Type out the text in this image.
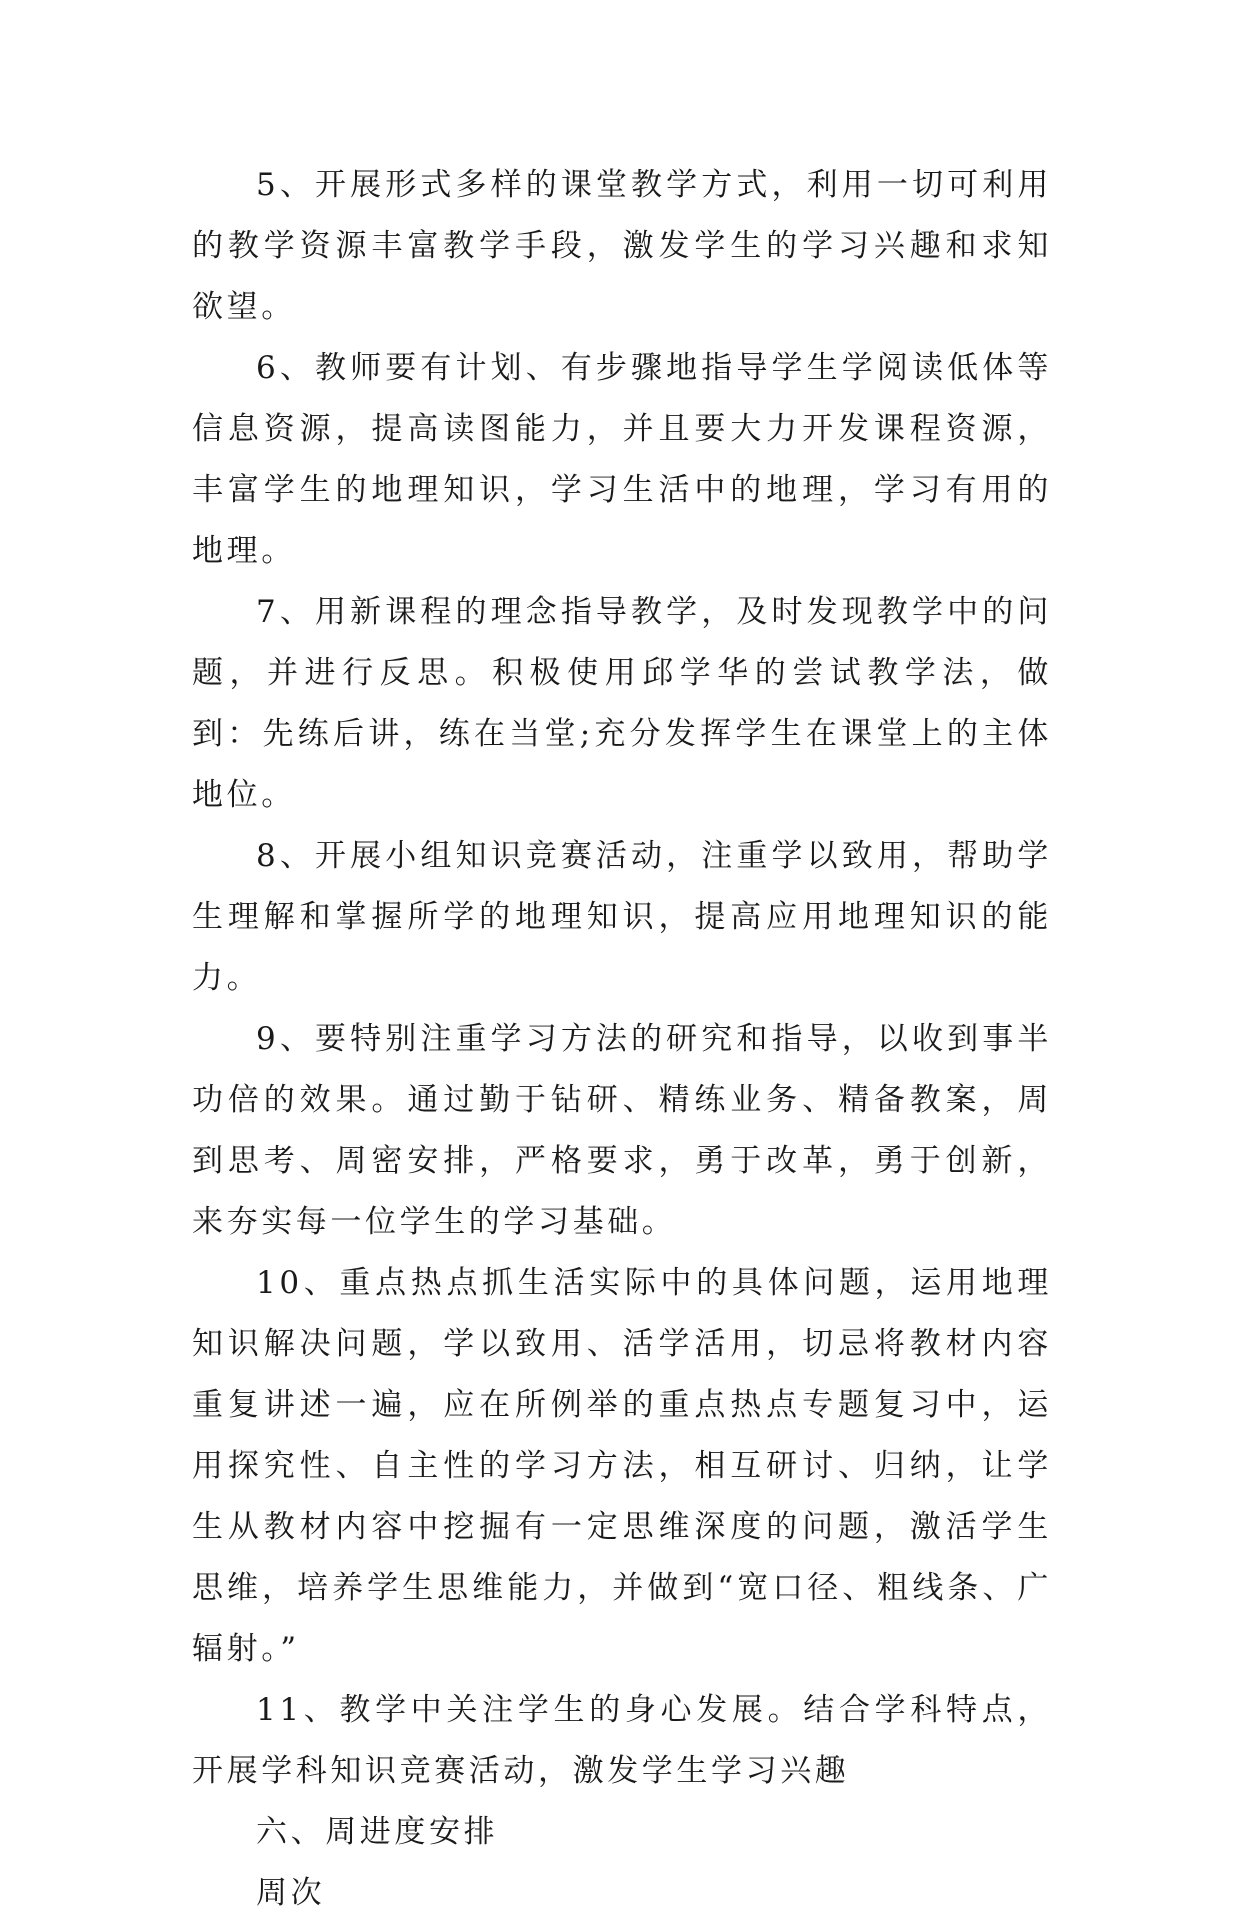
5、开展形式多样的课堂教学方式，利用一切可利用的教学资源丰富教学手段，激发学生的学习兴趣和求知欲望。

6、教师要有计划、有步骤地指导学生学阅读低体等信息资源，提高读图能力，并且要大力开发课程资源，丰富学生的地理知识，学习生活中的地理，学习有用的地理。

7、用新课程的理念指导教学，及时发现教学中的问题，并进行反思。积极使用邱学华的尝试教学法，做到：先练后讲，练在当堂;充分发挥学生在课堂上的主体地位。

8、开展小组知识竞赛活动，注重学以致用，帮助学生理解和掌握所学的地理知识，提高应用地理知识的能力。

9、要特别注重学习方法的研究和指导，以收到事半功倍的效果。通过勤于钻研、精练业务、精备教案，周到思考、周密安排，严格要求，勇于改革，勇于创新，来夯实每一位学生的学习基础。

10、重点热点抓生活实际中的具体问题，运用地理知识解决问题，学以致用、活学活用，切忌将教材内容重复讲述一遍，应在所例举的重点热点专题复习中，运用探究性、自主性的学习方法，相互研讨、归纳，让学生从教材内容中挖掘有一定思维深度的问题，激活学生思维，培养学生思维能力，并做到“宽口径、粗线条、广辐射。”

11、教学中关注学生的身心发展。结合学科特点，开展学科知识竞赛活动，激发学生学习兴趣

六、周进度安排

周次
